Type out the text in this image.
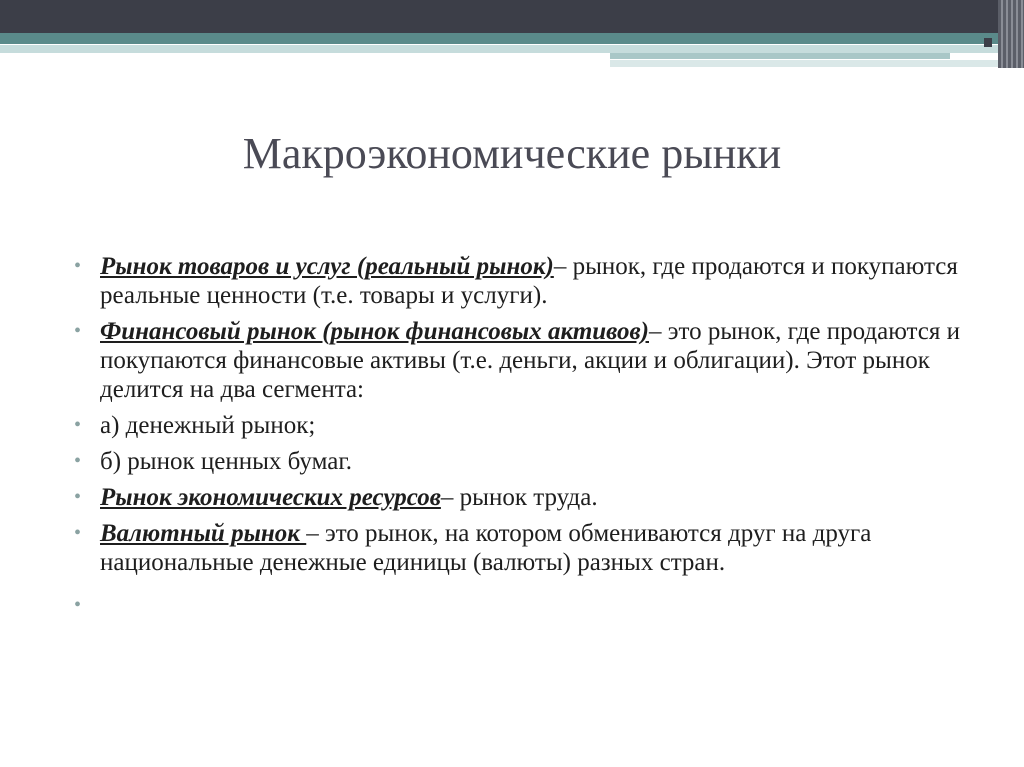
Макроэкономические рынки
• Рынок товаров и услуг (реальный рынок)– рынок, где продаются и покупаются реальные ценности (т.е. товары и услуги).
• Финансовый рынок (рынок финансовых активов)– это рынок, где продаются и покупаются финансовые активы (т.е. деньги, акции и облигации). Этот рынок делится на два сегмента:
• а) денежный рынок;
• б) рынок ценных бумаг.
• Рынок экономических ресурсов– рынок труда.
• Валютный рынок – это рынок, на котором обмениваются друг на друга национальные денежные единицы (валюты) разных стран.
•
